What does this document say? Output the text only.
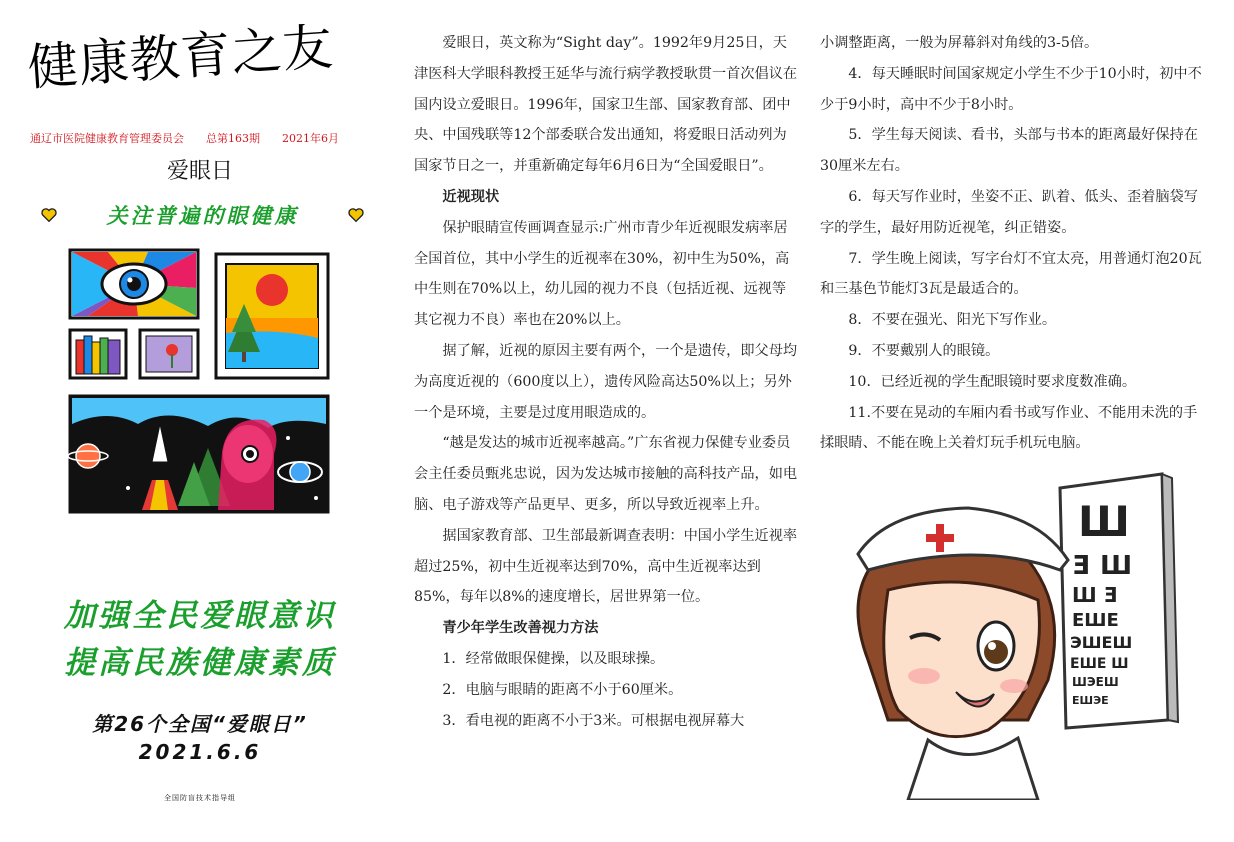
健康教育之友
通辽市医院健康教育管理委员会 总第163期 2021年6月
爱眼日
关注普遍的眼健康
加强全民爱眼意识
提高民族健康素质
第26个全国“爱眼日”
2021.6.6
全国防盲技术指导组

爱眼日，英文称为“Sight day”。1992年9月25日，天津医科大学眼科教授王延华与流行病学教授耿贯一首次倡议在国内设立爱眼日。1996年，国家卫生部、国家教育部、团中央、中国残联等12个部委联合发出通知，将爱眼日活动列为国家节日之一，并重新确定每年6月6日为“全国爱眼日”。

近视现状

保护眼睛宣传画调查显示:广州市青少年近视眼发病率居全国首位，其中小学生的近视率在30%，初中生为50%，高中生则在70%以上，幼儿园的视力不良（包括近视、远视等其它视力不良）率也在20%以上。

据了解，近视的原因主要有两个，一个是遗传，即父母均为高度近视的（600度以上），遗传风险高达50%以上；另外一个是环境，主要是过度用眼造成的。

“越是发达的城市近视率越高。”广东省视力保健专业委员会主任委员甄兆忠说，因为发达城市接触的高科技产品，如电脑、电子游戏等产品更早、更多，所以导致近视率上升。

据国家教育部、卫生部最新调查表明：中国小学生近视率超过25%，初中生近视率达到70%，高中生近视率达到85%，每年以8%的速度增长，居世界第一位。

青少年学生改善视力方法

1．经常做眼保健操，以及眼球操。

2．电脑与眼睛的距离不小于60厘米。

3．看电视的距离不小于3米。可根据电视屏幕大

小调整距离，一般为屏幕斜对角线的3-5倍。

4．每天睡眠时间国家规定小学生不少于10小时，初中不少于9小时，高中不少于8小时。

5．学生每天阅读、看书，头部与书本的距离最好保持在30厘米左右。

6．每天写作业时，坐姿不正、趴着、低头、歪着脑袋写字的学生，最好用防近视笔，纠正错姿。

7．学生晚上阅读，写字台灯不宜太亮，用普通灯泡20瓦和三基色节能灯3瓦是最适合的。

8．不要在强光、阳光下写作业。

9．不要戴别人的眼镜。

10．已经近视的学生配眼镜时要求度数准确。

11.不要在晃动的车厢内看书或写作业、不能用未洗的手揉眼睛、不能在晚上关着灯玩手机玩电脑。

Ш
Ǝ Ш
Ш Ǝ
ЕШЕ
ЭШЕШ
ЕШЕ Ш
ШЭЕШ
ЕШЭЕ
